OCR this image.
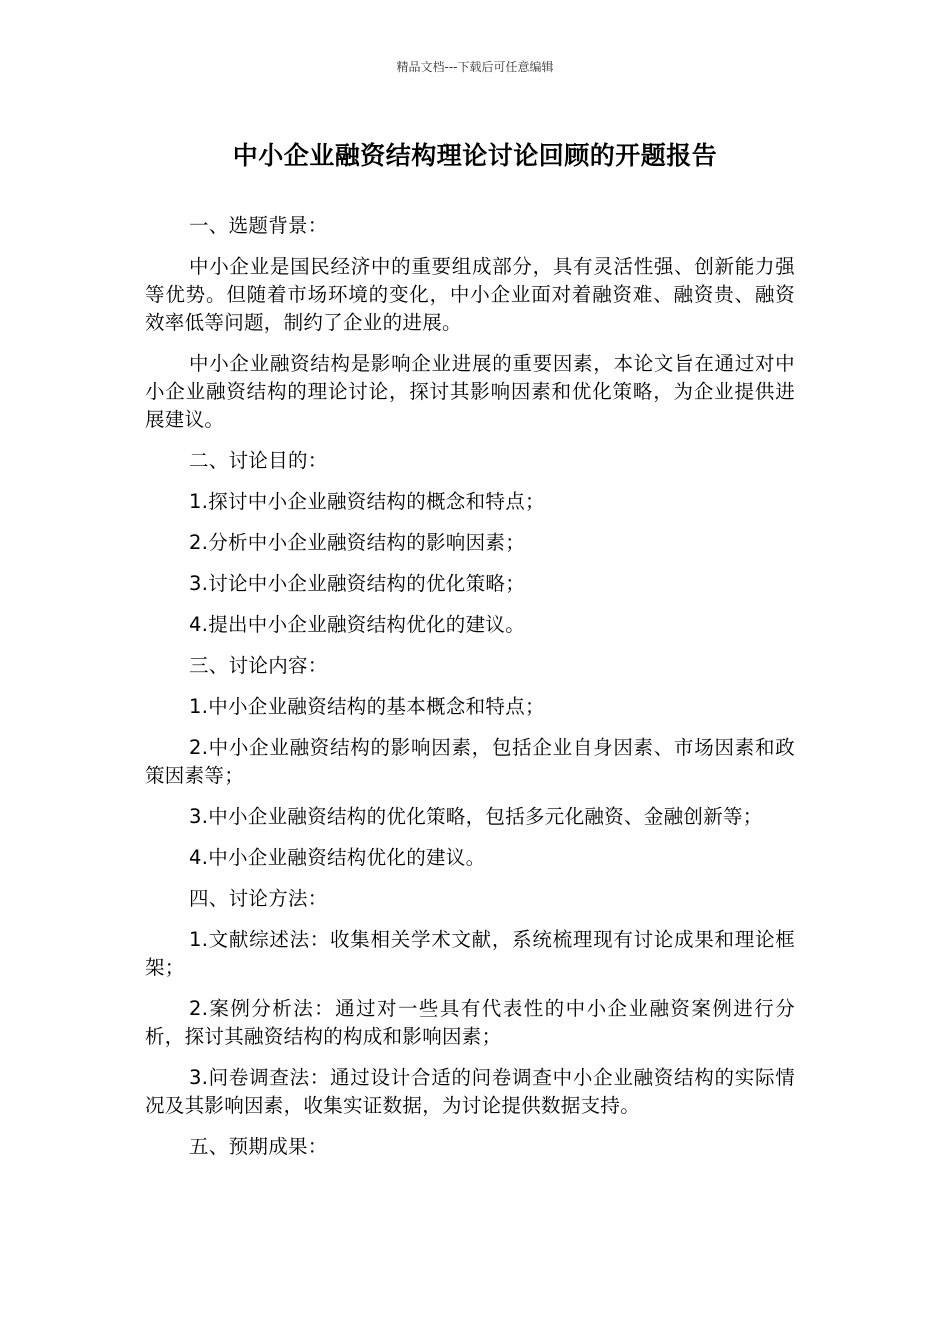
精品文档---下载后可任意编辑
中小企业融资结构理论讨论回顾的开题报告

一、选题背景：

中小企业是国民经济中的重要组成部分，具有灵活性强、创新能力强等优势。但随着市场环境的变化，中小企业面对着融资难、融资贵、融资效率低等问题，制约了企业的进展。

中小企业融资结构是影响企业进展的重要因素，本论文旨在通过对中小企业融资结构的理论讨论，探讨其影响因素和优化策略，为企业提供进展建议。

二、讨论目的：

1.探讨中小企业融资结构的概念和特点；

2.分析中小企业融资结构的影响因素；

3.讨论中小企业融资结构的优化策略；

4.提出中小企业融资结构优化的建议。

三、讨论内容：

1.中小企业融资结构的基本概念和特点；

2.中小企业融资结构的影响因素，包括企业自身因素、市场因素和政策因素等；

3.中小企业融资结构的优化策略，包括多元化融资、金融创新等；

4.中小企业融资结构优化的建议。

四、讨论方法：

1.文献综述法：收集相关学术文献，系统梳理现有讨论成果和理论框架；

2.案例分析法：通过对一些具有代表性的中小企业融资案例进行分析，探讨其融资结构的构成和影响因素；

3.问卷调查法：通过设计合适的问卷调查中小企业融资结构的实际情况及其影响因素，收集实证数据，为讨论提供数据支持。

五、预期成果：
